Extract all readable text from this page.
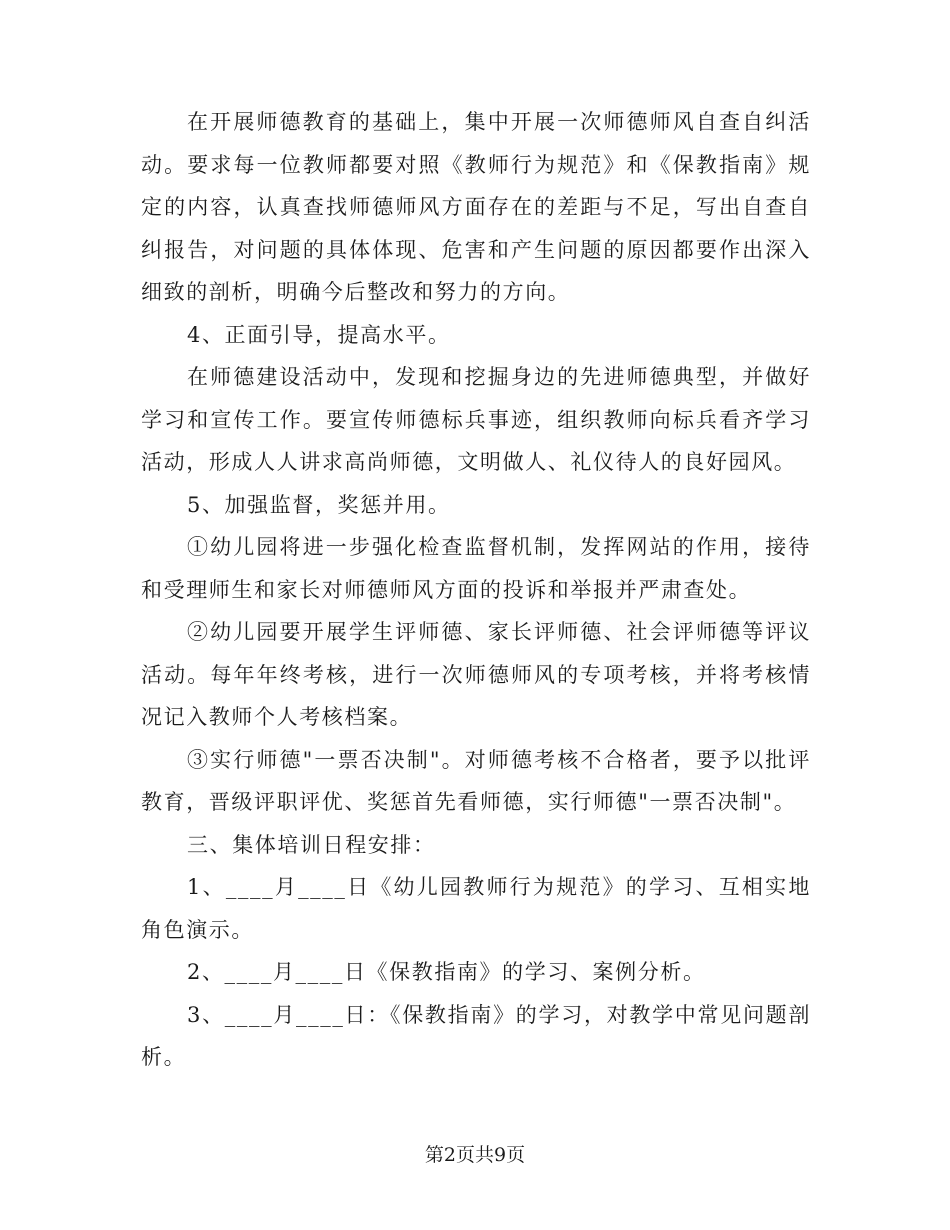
在开展师德教育的基础上，集中开展一次师德师风自查自纠活动。要求每一位教师都要对照《教师行为规范》和《保教指南》规定的内容，认真查找师德师风方面存在的差距与不足，写出自查自纠报告，对问题的具体体现、危害和产生问题的原因都要作出深入细致的剖析，明确今后整改和努力的方向。

4、正面引导，提高水平。

在师德建设活动中，发现和挖掘身边的先进师德典型，并做好学习和宣传工作。要宣传师德标兵事迹，组织教师向标兵看齐学习活动，形成人人讲求高尚师德，文明做人、礼仪待人的良好园风。

5、加强监督，奖惩并用。

①幼儿园将进一步强化检查监督机制，发挥网站的作用，接待和受理师生和家长对师德师风方面的投诉和举报并严肃查处。

②幼儿园要开展学生评师德、家长评师德、社会评师德等评议活动。每年年终考核，进行一次师德师风的专项考核，并将考核情况记入教师个人考核档案。

③实行师德"一票否决制"。对师德考核不合格者，要予以批评教育，晋级评职评优、奖惩首先看师德，实行师德"一票否决制"。

三、集体培训日程安排：

1、____月____日《幼儿园教师行为规范》的学习、互相实地角色演示。

2、____月____日《保教指南》的学习、案例分析。

3、____月____日：《保教指南》的学习，对教学中常见问题剖析。

第2页共9页
